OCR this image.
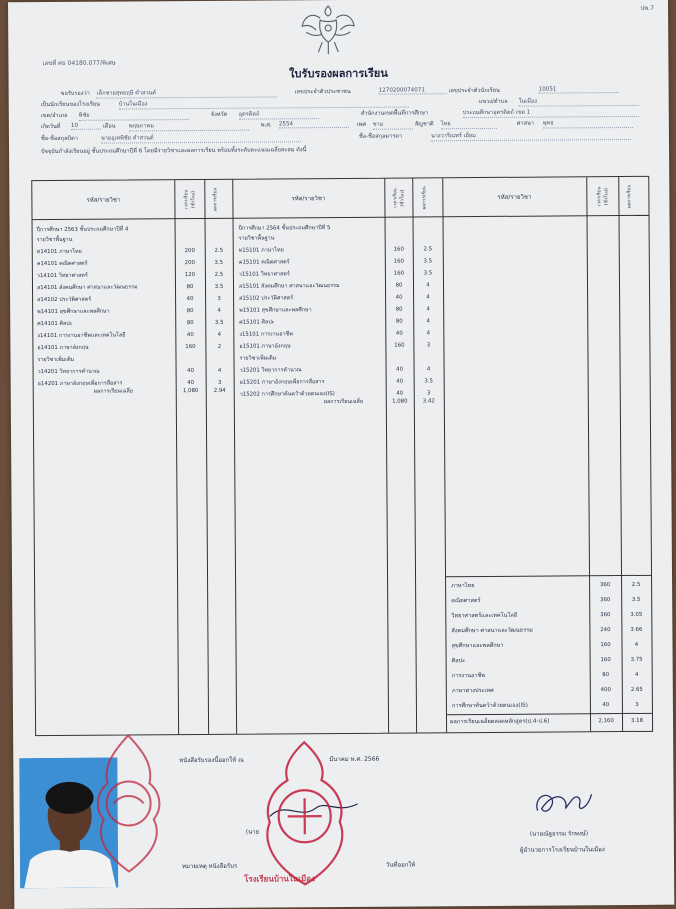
ปพ.7
เลขที่ ศธ 04180.077/พิเศษ
ใบรับรองผลการเรียน
ขอรับรองว่า เด็กชายสุทธฤษี คำสวนต์	เลขประจำตัวประชาชน	1270200074071	เลขประจำตัวนักเรียน	10051
เป็นนักเรียนของโรงเรียน	บ้านในเมือง	แขวง/ตำบล ในเมือง
เขต/อำเภอ พิชัย	จังหวัด อุตรดิตถ์	สำนักงานเขตพื้นที่การศึกษา	ประถมศึกษาอุตรดิตถ์ เขต 1
เกิดวันที่ 10	เดือน พฤษภาคม	พ.ศ. 2554	เพศ ชาย	สัญชาติ ไทย	ศาสนา พุทธ
ชื่อ-ชื่อสกุลบิดา	นายอุเทพิชัย คำสวนต์	ชื่อ-ชื่อสกุลมารดา	นางวาริณทร์ เอี่ยม
ปัจจุบันกำลังเรียนอยู่ ชั้นประถมศึกษาปีที่ 6 โดยมีรายวิชาและผลการเรียน พร้อมทั้งระดับคะแนนเฉลี่ยสะสม ดังนี้
รหัส/รายวิชา	เวลาเรียน (ชั่วโมง)	ผลการเรียน	รหัส/รายวิชา	เวลาเรียน (ชั่วโมง)	ผลการเรียน	รหัส/รายวิชา	เวลาเรียน (ชั่วโมง)	ผลการเรียน
ปีการศึกษา 2563 ชั้นประถมศึกษาปีที่ 4
รายวิชาพื้นฐาน
ท14101 ภาษาไทย	200	2.5
ค14101 คณิตศาสตร์	200	3.5
ว14101 วิทยาศาสตร์	120	2.5
ส14101 สังคมศึกษา ศาสนาและวัฒนธรรม	80	3.5
ส14102 ประวัติศาสตร์	40	3
พ14101 สุขศึกษาและพลศึกษา	80	4
ศ14101 ศิลปะ	80	3.5
ง14101 การงานอาชีพและเทคโนโลยี	40	4
อ14101 ภาษาอังกฤษ	160	2
รายวิชาเพิ่มเติม
ว14201 วิทยาการคำนวณ	40	4
อ14201 ภาษาอังกฤษเพื่อการสื่อสาร	40	3
ผลการเรียนเฉลี่ย	1,080	2.94
ปีการศึกษา 2564 ชั้นประถมศึกษาปีที่ 5
รายวิชาพื้นฐาน
ท15101 ภาษาไทย	160	2.5
ค15101 คณิตศาสตร์	160	3.5
ว15101 วิทยาศาสตร์	160	3.5
ส15101 สังคมศึกษา ศาสนาและวัฒนธรรม	80	4
ส15102 ประวัติศาสตร์	40	4
พ15101 สุขศึกษาและพลศึกษา	80	4
ศ15101 ศิลปะ	80	4
ง15101 การงานอาชีพ	40	4
อ15101 ภาษาอังกฤษ	160	3
รายวิชาเพิ่มเติม
ว15201 วิทยาการคำนวณ	40	4
อ15201 ภาษาอังกฤษเพื่อการสื่อสาร	40	3.5
ว15202 การศึกษาค้นคว้าด้วยตนเอง(IS)	40	3
ผลการเรียนเฉลี่ย	1,080	3.42
ภาษาไทย	360	2.5
คณิตศาสตร์	360	3.5
วิทยาศาสตร์และเทคโนโลยี	360	3.05
สังคมศึกษา ศาสนาและวัฒนธรรม	240	3.66
สุขศึกษาและพลศึกษา	160	4
ศิลปะ	160	3.75
การงานอาชีพ	80	4
ภาษาต่างประเทศ	400	2.65
การศึกษาค้นคว้าด้วยตนเอง(IS)	40	3
ผลการเรียนเฉลี่ยตลอดหลักสูตร(ป.4-ป.6)	2,160	3.18
หนังสือรับรองนี้ออกให้ ณ	มีนาคม พ.ศ. 2566
(นาย
หมายเหตุ หนังสือรับร	วันที่ออกให้
(นายณัฐธรรม รักพงษ์)
ผู้อำนวยการโรงเรียนบ้านในเมือง
โรงเรียนบ้านในเมือง
